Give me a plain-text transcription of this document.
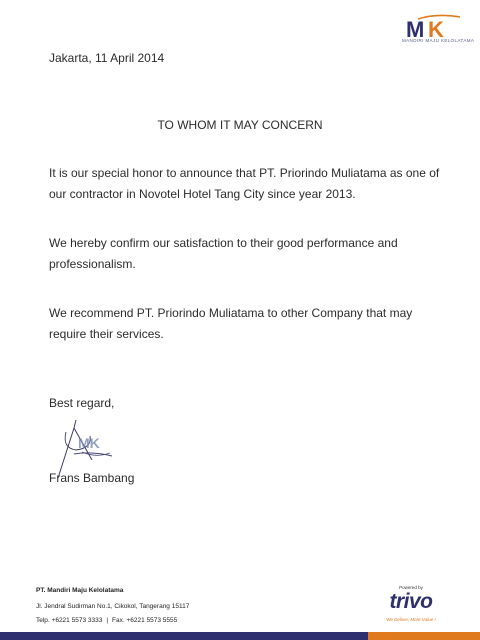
M K
MANDIRI MAJU KELOLATAMA
Jakarta, 11 April 2014
TO WHOM IT MAY CONCERN
It is our special honor to announce that PT. Priorindo Muliatama as one of our contractor in Novotel Hotel Tang City since year 2013.
We hereby confirm our satisfaction to their good performance and professionalism.
We recommend PT. Priorindo Muliatama to other Company that may require their services.
Best regard,
MK
Frans Bambang
PT. Mandiri Maju Kelolatama
Jl. Jendral Sudirman No.1, Cikokol, Tangerang 15117
Telp. +6221 5573 3333 | Fax. +6221 5573 5555
Powered by
trivo
We Deliver, More Value !
